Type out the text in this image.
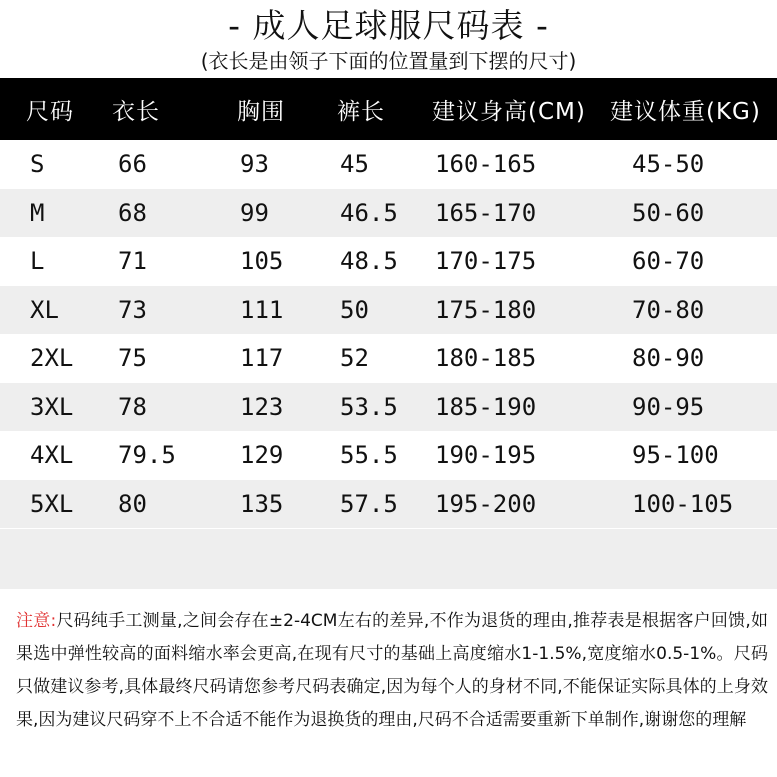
- 成人足球服尺码表 -
(衣长是由领子下面的位置量到下摆的尺寸)
尺码 衣长	胸围 裤长 建议身高(CM) 建议体重(KG)
S	66	93	45	160-165	45-50
M	68	99	46.5 165-170	50-60
L	71	105 48.5 170-175	60-70
XL 73	111 50	175-180	70-80
2XL 75	117 52	180-185	80-90
3XL 78	123 53.5 185-190	90-95
4XL 79.5	129 55.5 190-195	95-100
5XL 80	135 57.5 195-200	100-105
注意:尺码纯手工测量,之间会存在±2-4CM左右的差异,不作为退货的理由,推荐表是根据客户回馈,如果选中弹性较高的面料缩水率会更高,在现有尺寸的基础上高度缩水1-1.5%,宽度缩水0.5-1%。尺码只做建议参考,具体最终尺码请您参考尺码表确定,因为每个人的身材不同,不能保证实际具体的上身效果,因为建议尺码穿不上不合适不能作为退换货的理由,尺码不合适需要重新下单制作,谢谢您的理解
